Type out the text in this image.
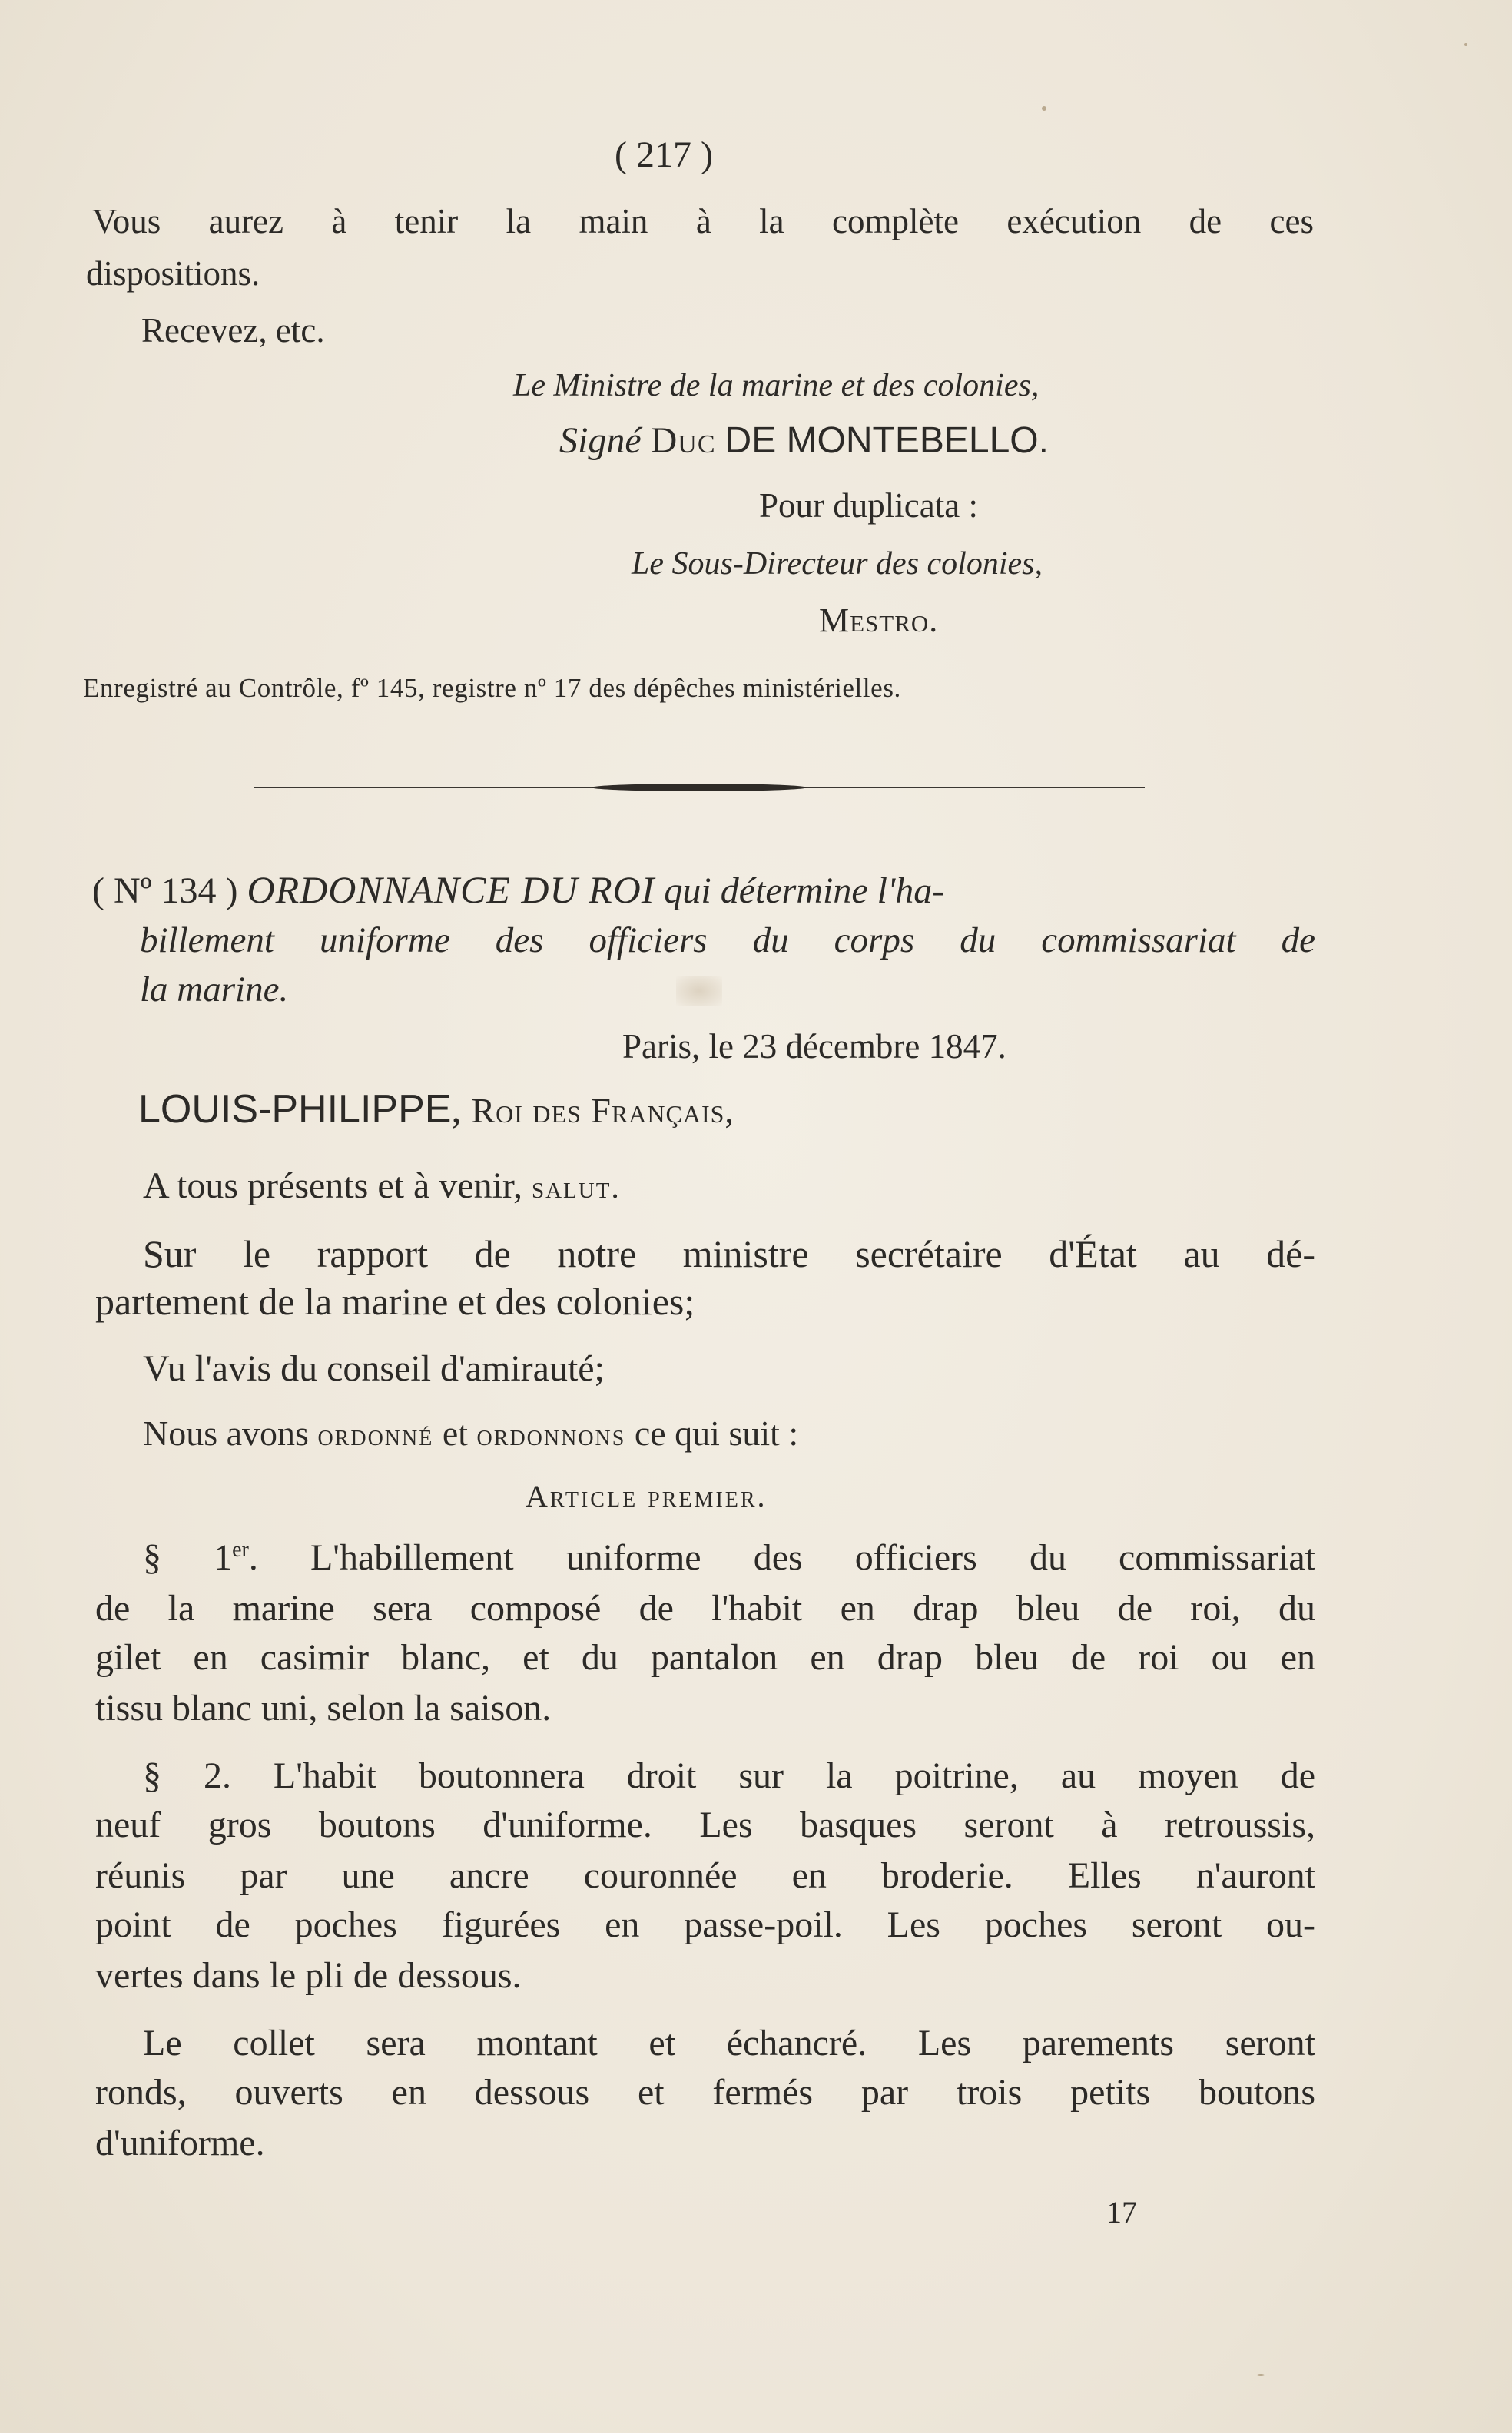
( 217 )
Vous aurez à tenir la main à la complète exécution de ces
dispositions.
Recevez, etc.
Le Ministre de la marine et des colonies,
Signé Duc DE MONTEBELLO.
Pour duplicata :
Le Sous-Directeur des colonies,
Mestro.
Enregistré au Contrôle, fº 145, registre nº 17 des dépêches ministérielles.
( Nº 134 ) ORDONNANCE DU ROI qui détermine l'ha-
billement uniforme des officiers du corps du commissariat de
la marine.
Paris, le 23 décembre 1847.
LOUIS-PHILIPPE, Roi des Français,
A tous présents et à venir, salut.
Sur le rapport de notre ministre secrétaire d'État au dé-
partement de la marine et des colonies;
Vu l'avis du conseil d'amirauté;
Nous avons ordonné et ordonnons ce qui suit :
Article premier.
§ 1er. L'habillement uniforme des officiers du commissariat
de la marine sera composé de l'habit en drap bleu de roi, du
gilet en casimir blanc, et du pantalon en drap bleu de roi ou en
tissu blanc uni, selon la saison.
§ 2. L'habit boutonnera droit sur la poitrine, au moyen de
neuf gros boutons d'uniforme. Les basques seront à retroussis,
réunis par une ancre couronnée en broderie. Elles n'auront
point de poches figurées en passe-poil. Les poches seront ou-
vertes dans le pli de dessous.
Le collet sera montant et échancré. Les parements seront
ronds, ouverts en dessous et fermés par trois petits boutons
d'uniforme.
17
